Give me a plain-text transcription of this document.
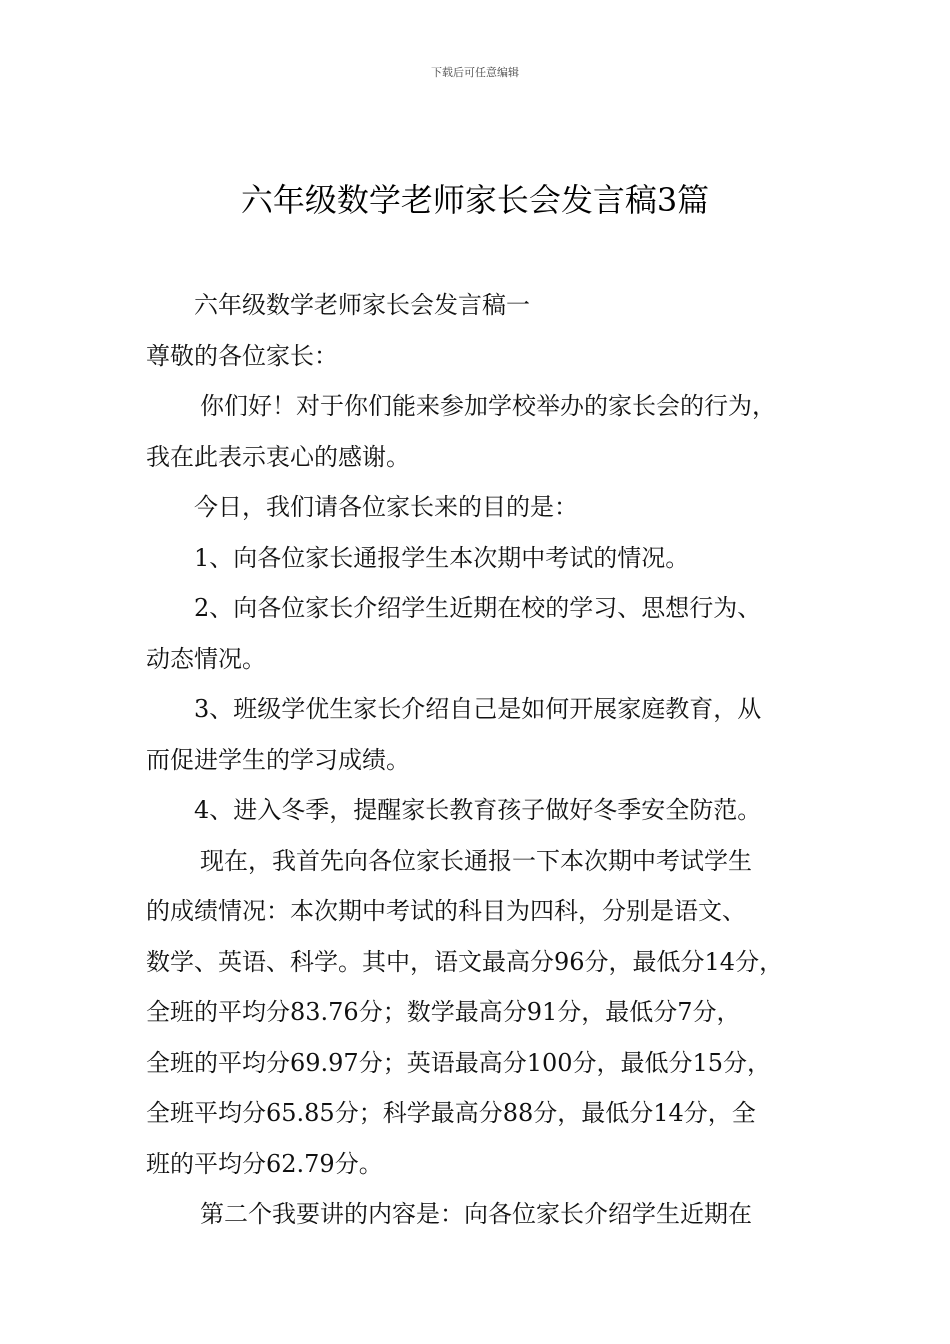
下载后可任意编辑
六年级数学老师家长会发言稿3篇
六年级数学老师家长会发言稿一
尊敬的各位家长：
你们好！对于你们能来参加学校举办的家长会的行为，
我在此表示衷心的感谢。
今日，我们请各位家长来的目的是：
1、向各位家长通报学生本次期中考试的情况。
2、向各位家长介绍学生近期在校的学习、思想行为、
动态情况。
3、班级学优生家长介绍自己是如何开展家庭教育，从
而促进学生的学习成绩。
4、进入冬季，提醒家长教育孩子做好冬季安全防范。
现在，我首先向各位家长通报一下本次期中考试学生
的成绩情况：本次期中考试的科目为四科，分别是语文、
数学、英语、科学。其中，语文最高分96分，最低分14分，
全班的平均分83.76分；数学最高分91分，最低分7分，
全班的平均分69.97分；英语最高分100分，最低分15分，
全班平均分65.85分；科学最高分88分，最低分14分，全
班的平均分62.79分。
第二个我要讲的内容是：向各位家长介绍学生近期在
